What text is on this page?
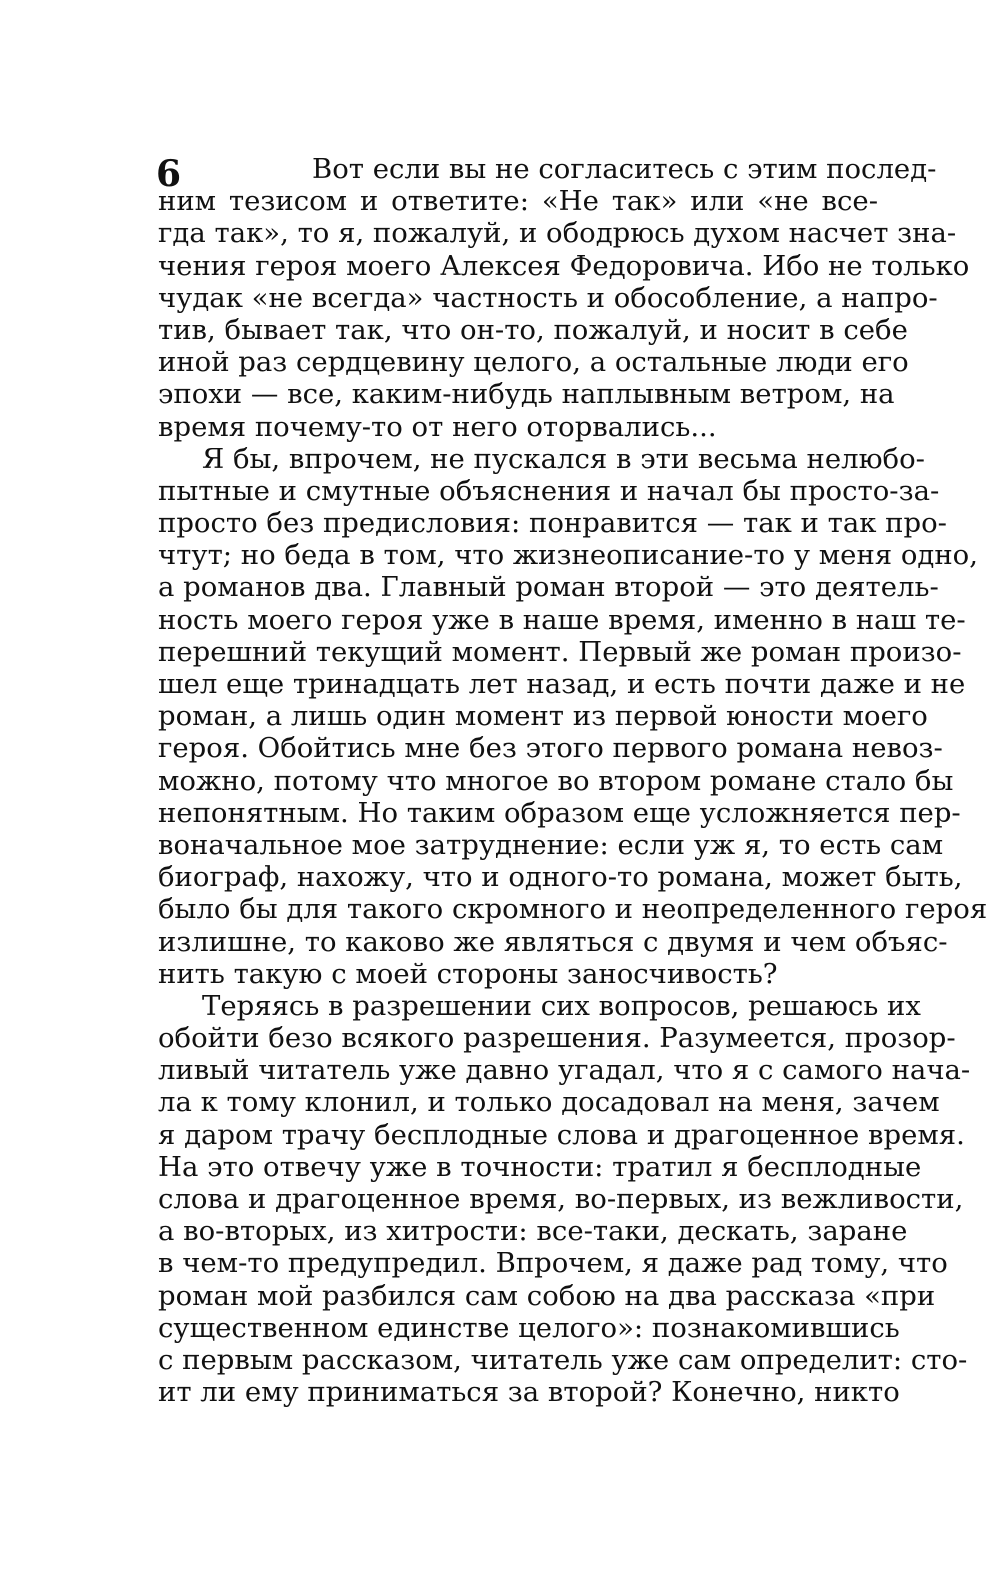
6	Вот если вы не согласитесь с этим послед-
ним тезисом и ответите: «Не так» или «не все-
гда так», то я, пожалуй, и ободрюсь духом насчет зна-
чения героя моего Алексея Федоровича. Ибо не только
чудак «не всегда» частность и обособление, а напро-
тив, бывает так, что он-то, пожалуй, и носит в себе
иной раз сердцевину целого, а остальные люди его
эпохи — все, каким-нибудь наплывным ветром, на
время почему-то от него оторвались...
Я бы, впрочем, не пускался в эти весьма нелюбо-
пытные и смутные объяснения и начал бы просто-за-
просто без предисловия: понравится — так и так про-
чтут; но беда в том, что жизнеописание-то у меня одно,
а романов два. Главный роман второй — это деятель-
ность моего героя уже в наше время, именно в наш те-
перешний текущий момент. Первый же роман произо-
шел еще тринадцать лет назад, и есть почти даже и не
роман, а лишь один момент из первой юности моего
героя. Обойтись мне без этого первого романа невоз-
можно, потому что многое во втором романе стало бы
непонятным. Но таким образом еще усложняется пер-
воначальное мое затруднение: если уж я, то есть сам
биограф, нахожу, что и одного-то романа, может быть,
было бы для такого скромного и неопределенного героя
излишне, то каково же являться с двумя и чем объяс-
нить такую с моей стороны заносчивость?
Теряясь в разрешении сих вопросов, решаюсь их
обойти безо всякого разрешения. Разумеется, прозор-
ливый читатель уже давно угадал, что я с самого нача-
ла к тому клонил, и только досадовал на меня, зачем
я даром трачу бесплодные слова и драгоценное время.
На это отвечу уже в точности: тратил я бесплодные
слова и драгоценное время, во-первых, из вежливости,
а во-вторых, из хитрости: все-таки, дескать, заране
в чем-то предупредил. Впрочем, я даже рад тому, что
роман мой разбился сам собою на два рассказа «при
существенном единстве целого»: познакомившись
с первым рассказом, читатель уже сам определит: сто-
ит ли ему приниматься за второй? Конечно, никто
